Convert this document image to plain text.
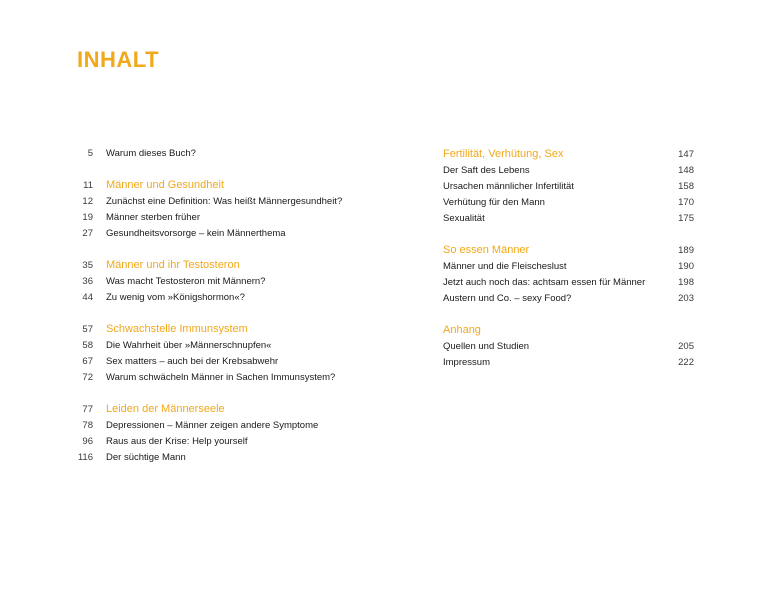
INHALT
5 Warum dieses Buch?
11 Männer und Gesundheit
12 Zunächst eine Definition: Was heißt Männergesundheit?
19 Männer sterben früher
27 Gesundheitsvorsorge – kein Männerthema
35 Männer und ihr Testosteron
36 Was macht Testosteron mit Männern?
44 Zu wenig vom »Königshormon«?
57 Schwachstelle Immunsystem
58 Die Wahrheit über »Männerschnupfen«
67 Sex matters – auch bei der Krebsabwehr
72 Warum schwächeln Männer in Sachen Immunsystem?
77 Leiden der Männerseele
78 Depressionen – Männer zeigen andere Symptome
96 Raus aus der Krise: Help yourself
116 Der süchtige Mann
147
Fertilität, Verhütung, Sex
148
Der Saft des Lebens
158
Ursachen männlicher Infertilität
170
Verhütung für den Mann
175
Sexualität
189
So essen Männer
190
Männer und die Fleischeslust
198
Jetzt auch noch das: achtsam essen für Männer
203
Austern und Co. – sexy Food?
Anhang
205
Quellen und Studien
222
Impressum
